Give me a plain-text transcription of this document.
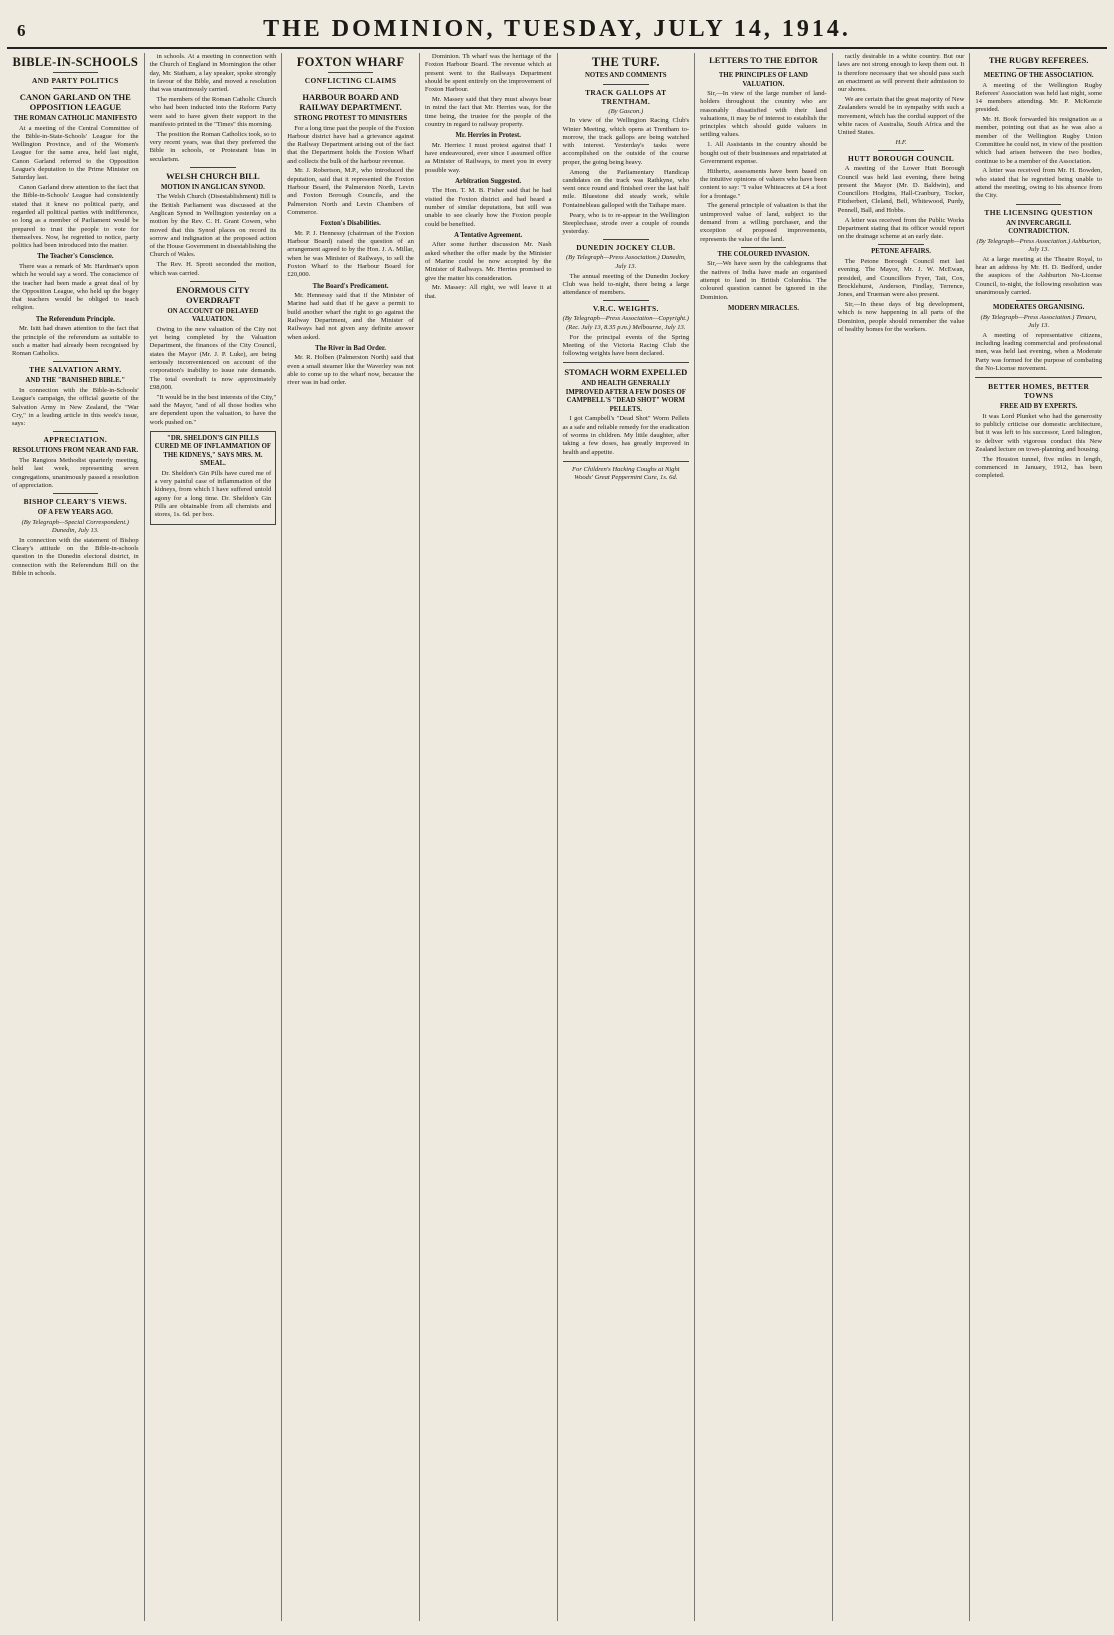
6	THE DOMINION, TUESDAY, JULY 14, 1914.
BIBLE-IN-SCHOOLS
AND PARTY POLITICS
CANON GARLAND ON THE OPPOSITION LEAGUE
THE ROMAN CATHOLIC MANIFESTO

At a meeting of the Central Committee of the Bible-in-State-Schools' League for the Wellington Province, and of the Women's League for the same area, held last night, Canon Garland referred to the Opposition League's deputation to the Prime Minister on Saturday last.

Canon Garland drew attention to the fact that the Bible-in-Schools' League had consistently stated that it knew no political party, and regarded all political parties with indifference, so long as a member of Parliament would be prepared to trust the people to vote for themselves. Now, he regretted to notice, party politics had been introduced into the matter.

The Teacher's Conscience.

There was a remark of Mr. Hardman's upon which he would say a word. The conscience of the teacher had been made a great deal of by the Opposition League, who held up the bogey that teachers would be obliged to teach religion.

The Referendum Principle.

Mr. Isitt had drawn attention to the fact that the principle of the referendum as suitable to such a matter had already been recognised by Roman Catholics.

THE SALVATION ARMY.
AND THE "BANISHED BIBLE."

In connection with the Bible-in-Schools' League's campaign, the official gazette of the Salvation Army in New Zealand, the "War Cry," in a leading article in this week's issue, says:

APPRECIATION.
RESOLUTIONS FROM NEAR AND FAR.

The Rangiora Methodist quarterly meeting, held last week, representing seven congregations, unanimously passed a resolution of appreciation.

BISHOP CLEARY'S VIEWS.
OF A FEW YEARS AGO.

(By Telegraph—Special Correspondent.) Dunedin, July 13.

In connection with the statement of Bishop Cleary's attitude on the Bible-in-schools question in the Dunedin electoral district, in connection with the Referendum Bill on the Bible in schools.

in schools. At a meeting in connection with the Church of England in Mornington the other day, Mr. Statham, a lay speaker, spoke strongly in favour of the Bible, and moved a resolution that was unanimously carried.

The members of the Roman Catholic Church who had been inducted into the Reform Party were said to have given their support in the manifesto printed in the "Times" this morning.

The position the Roman Catholics took, so to very recent years, was that they preferred the Bible in schools, or Protestant bias in secularism.

WELSH CHURCH BILL
MOTION IN ANGLICAN SYNOD.

The Welsh Church (Disestablishment) Bill is the British Parliament was discussed at the Anglican Synod in Wellington yesterday on a motion by the Rev. C. H. Grant Cowen, who moved that this Synod places on record its sorrow and indignation at the proposed action of the House Government in disestablishing the Church of Wales.

The Rev. H. Sprott seconded the motion, which was carried.

ENORMOUS CITY OVERDRAFT
ON ACCOUNT OF DELAYED VALUATION.

Owing to the new valuation of the City not yet being completed by the Valuation Department, the finances of the City Council, states the Mayor (Mr. J. P. Luke), are being seriously inconvenienced on account of the corporation's inability to issue rate demands. The total overdraft is now approximately £98,000.

"It would be in the best interests of the City," said the Mayor, "and of all those bodies who are dependent upon the valuation, to have the work pushed on."

"DR. SHELDON'S GIN PILLS CURED ME OF INFLAMMATION OF THE KIDNEYS," SAYS MRS. M. SMEAL.

Dr. Sheldon's Gin Pills have cured me of a very painful case of inflammation of the kidneys, from which I have suffered untold agony for a long time. Dr. Sheldon's Gin Pills are obtainable from all chemists and stores, 1s. 6d. per box.

FOXTON WHARF
CONFLICTING CLAIMS
HARBOUR BOARD AND RAILWAY DEPARTMENT.
STRONG PROTEST TO MINISTERS

For a long time past the people of the Foxton Harbour district have had a grievance against the Railway Department arising out of the fact that the Department holds the Foxton Wharf and collects the bulk of the harbour revenue.

Mr. J. Robertson, M.P., who introduced the deputation, said that it represented the Foxton Harbour Board, the Palmerston North, Levin and Foxton Borough Councils, and the Palmerston North and Levin Chambers of Commerce.

Foxton's Disabilities.

Mr. P. J. Hennessy (chairman of the Foxton Harbour Board) raised the question of an arrangement agreed to by the Hon. J. A. Millar, when he was Minister of Railways, to sell the Foxton Wharf to the Harbour Board for £20,000.

The Board's Predicament.

Mr. Hennessy said that if the Minister of Marine had said that if he gave a permit to build another wharf the right to go against the Railway Department, and the Minister of Railways had not given any definite answer when asked.

The River in Bad Order.

Mr. R. Holben (Palmerston North) said that even a small steamer like the Waverley was not able to come up to the wharf now, because the river was in bad order.

Dominion. Th wharf was the heritage of the Foxton Harbour Board. The revenue which at present went to the Railways Department should be spent entirely on the improvement of Foxton Harbour.

Mr. Massey said that they must always bear in mind the fact that Mr. Herries was, for the time being, the trustee for the people of the country in regard to railway property.

Mr. Herries in Protest.

Mr. Herries: I must protest against that! I have endeavoured, ever since I assumed office as Minister of Railways, to meet you in every possible way.

Arbitration Suggested.

The Hon. T. M. B. Fisher said that he had visited the Foxton district and had heard a number of similar deputations, but still was unable to see clearly how the Foxton people could be benefited.

A Tentative Agreement.

After some further discussion Mr. Nash asked whether the offer made by the Minister of Marine could be now accepted by the Minister of Railways. Mr. Herries promised to give the matter his consideration.

Mr. Massey: All right, we will leave it at that.

THE TURF.
NOTES AND COMMENTS
TRACK GALLOPS AT TRENTHAM.

(By Gascon.)

In view of the Wellington Racing Club's Winter Meeting, which opens at Trentham to-morrow, the track gallops are being watched with interest. Yesterday's tasks were accomplished on the outside of the course proper, the going being heavy.

Among the Parliamentary Handicap candidates on the track was Rathkyne, who went once round and finished over the last half mile. Bluestone did steady work, while Fontainebleau galloped with the Taihape mare.

Peary, who is to re-appear in the Wellington Steeplechase, strode over a couple of rounds yesterday.

DUNEDIN JOCKEY CLUB.

(By Telegraph—Press Association.) Dunedin, July 13.

The annual meeting of the Dunedin Jockey Club was held to-night, there being a large attendance of members.

V.R.C. WEIGHTS.

(By Telegraph—Press Association—Copyright.) (Rec. July 13, 8.35 p.m.) Melbourne, July 13.

For the principal events of the Spring Meeting of the Victoria Racing Club the following weights have been declared.

STOMACH WORM EXPELLED
AND HEALTH GENERALLY IMPROVED AFTER A FEW DOSES OF CAMPBELL'S "DEAD SHOT" WORM PELLETS.

I got Campbell's "Dead Shot" Worm Pellets as a safe and reliable remedy for the eradication of worms in children. My little daughter, after taking a few doses, has greatly improved in health and appetite.

For Children's Hacking Coughs at Night Woods' Great Peppermint Cure, 1s. 6d.

LETTERS TO THE EDITOR
THE PRINCIPLES OF LAND VALUATION.

Sir,—In view of the large number of land-holders throughout the country who are reasonably dissatisfied with their land valuations, it may be of interest to establish the principles which should guide valuers in settling values.

1. All Assistants in the country should be bought out of their businesses and repatriated at Government expense.

Hitherto, assessments have been based on the intuitive opinions of valuers who have been content to say: "I value Whiteacres at £4 a foot for a frontage."

The general principle of valuation is that the unimproved value of land, subject to the demand from a willing purchaser, and the exception of proposed improvements, represents the value of the land.

THE COLOURED INVASION.

Sir,—We have seen by the cablegrams that the natives of India have made an organised attempt to land in British Columbia. The coloured question cannot be ignored in the Dominion.

MODERN MIRACLES.

racily desirable in a white country. But our laws are not strong enough to keep them out. It is therefore necessary that we should pass such an enactment as will prevent their admission to our shores.

We are certain that the great majority of New Zealanders would be in sympathy with such a movement, which has the cordial support of the white races of Australia, South Africa and the United States.

H.F.

HUTT BOROUGH COUNCIL

A meeting of the Lower Hutt Borough Council was held last evening, there being present the Mayor (Mr. D. Baldwin), and Councillors Hodgins, Hall-Cranbury, Tocker, Fitzherbert, Cleland, Bell, Whitewood, Purdy, Pennell, Ball, and Hobbs.

A letter was received from the Public Works Department stating that its officer would report on the drainage scheme at an early date.

PETONE AFFAIRS.

The Petone Borough Council met last evening. The Mayor, Mr. J. W. McEwan, presided, and Councillors Fryer, Tait, Cox, Brocklehurst, Anderson, Findlay, Terrence, Jones, and Trueman were also present.

Sir,—In these days of big development, which is now happening in all parts of the Dominion, people should remember the value of healthy homes for the workers.

THE RUGBY REFEREES.
MEETING OF THE ASSOCIATION.

A meeting of the Wellington Rugby Referees' Association was held last night, some 14 members attending. Mr. P. McKenzie presided.

Mr. H. Book forwarded his resignation as a member, pointing out that as he was also a member of the Wellington Rugby Union Committee he could not, in view of the position which had arisen between the two bodies, continue to be a member of the Association.

A letter was received from Mr. H. Bowden, who stated that he regretted being unable to attend the meeting, owing to his absence from the City.

THE LICENSING QUESTION
AN INVERCARGILL CONTRADICTION.

(By Telegraph—Press Association.) Ashburton, July 13.

At a large meeting at the Theatre Royal, to hear an address by Mr. H. D. Bedford, under the auspices of the Ashburton No-License Council, to-night, the following resolution was unanimously carried.

MODERATES ORGANISING.

(By Telegraph—Press Association.) Timaru, July 13.

A meeting of representative citizens, including leading commercial and professional men, was held last evening, when a Moderate Party was formed for the purpose of combating the No-License movement.

BETTER HOMES, BETTER TOWNS
FREE AID BY EXPERTS.

It was Lord Plunket who had the generosity to publicly criticise our domestic architecture, but it was left to his successor, Lord Islington, to deliver with vigorous conduct this New Zealand lecture on town-planning and housing.

The Houston tunnel, five miles in length, commenced in January, 1912, has been completed.
